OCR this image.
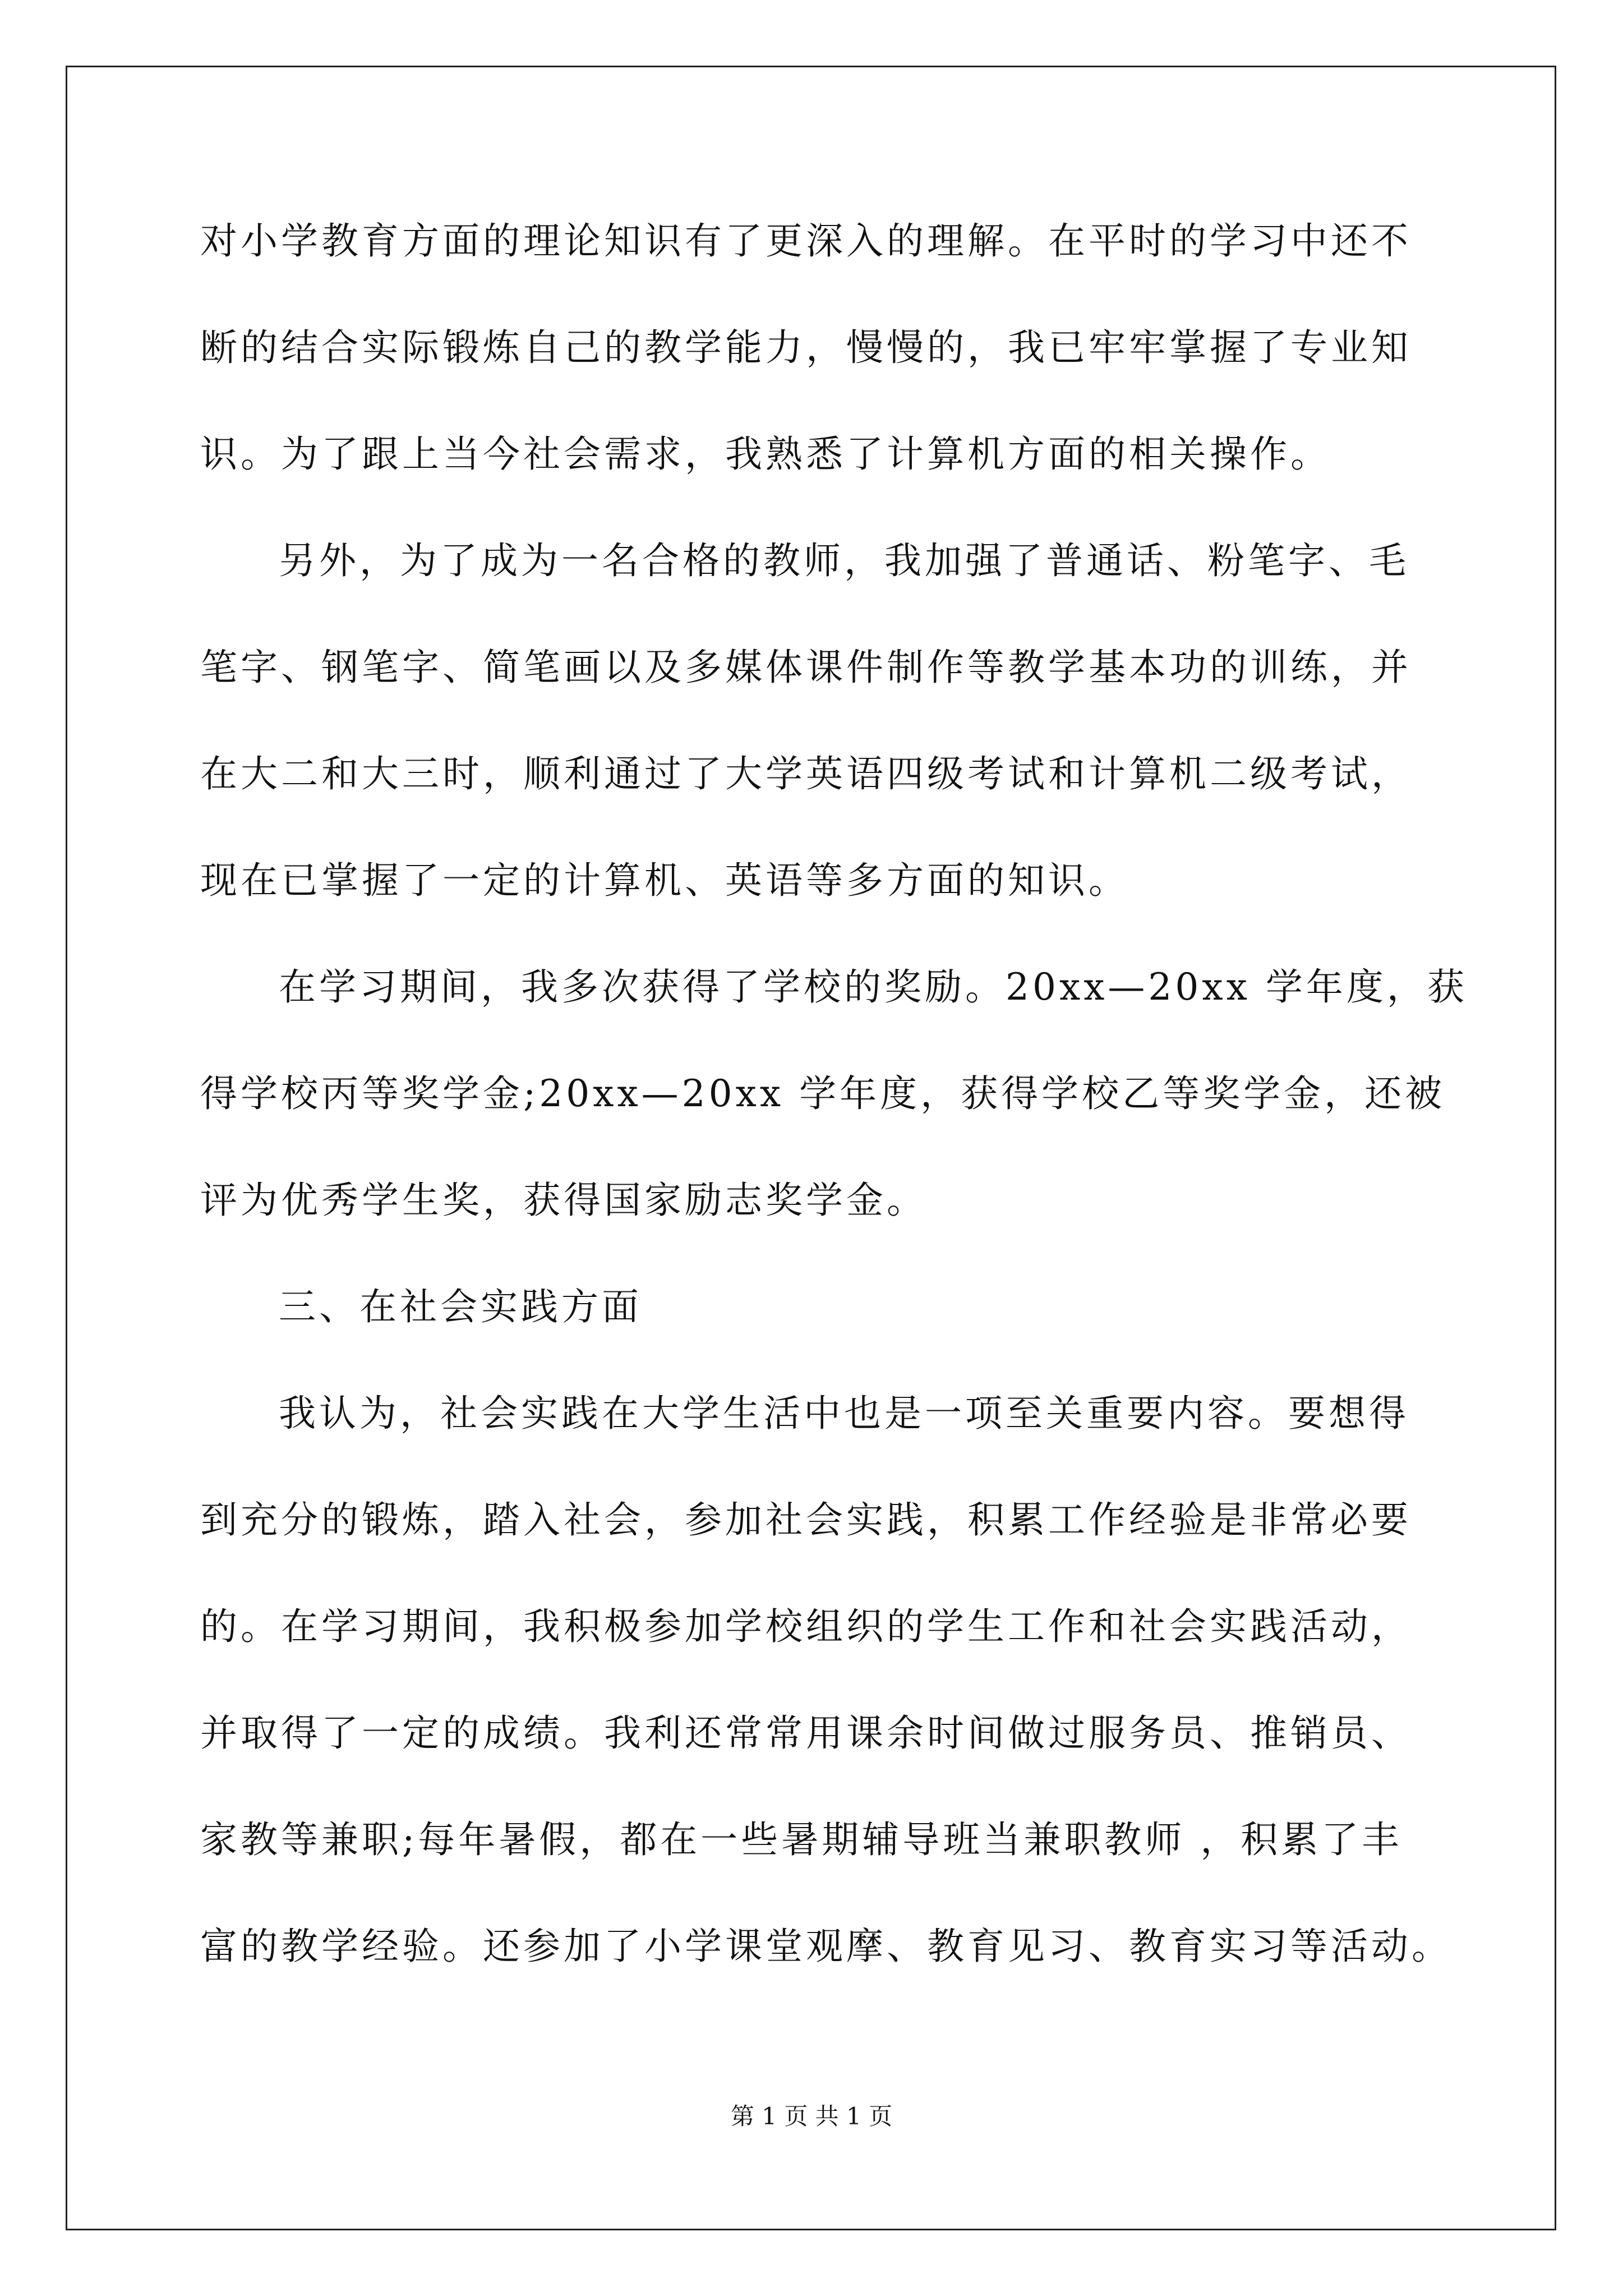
对小学教育方面的理论知识有了更深入的理解。在平时的学习中还不
断的结合实际锻炼自己的教学能力，慢慢的，我已牢牢掌握了专业知
识。为了跟上当今社会需求，我熟悉了计算机方面的相关操作。
另外，为了成为一名合格的教师，我加强了普通话、粉笔字、毛
笔字、钢笔字、简笔画以及多媒体课件制作等教学基本功的训练，并
在大二和大三时，顺利通过了大学英语四级考试和计算机二级考试，
现在已掌握了一定的计算机、英语等多方面的知识。
在学习期间，我多次获得了学校的奖励。20xx—20xx 学年度，获
得学校丙等奖学金;20xx—20xx 学年度，获得学校乙等奖学金，还被
评为优秀学生奖，获得国家励志奖学金。
三、在社会实践方面
我认为，社会实践在大学生活中也是一项至关重要内容。要想得
到充分的锻炼，踏入社会，参加社会实践，积累工作经验是非常必要
的。在学习期间，我积极参加学校组织的学生工作和社会实践活动，
并取得了一定的成绩。我利还常常用课余时间做过服务员、推销员、
家教等兼职;每年暑假，都在一些暑期辅导班当兼职教师 ，积累了丰
富的教学经验。还参加了小学课堂观摩、教育见习、教育实习等活动。
第 1 页 共 1 页
